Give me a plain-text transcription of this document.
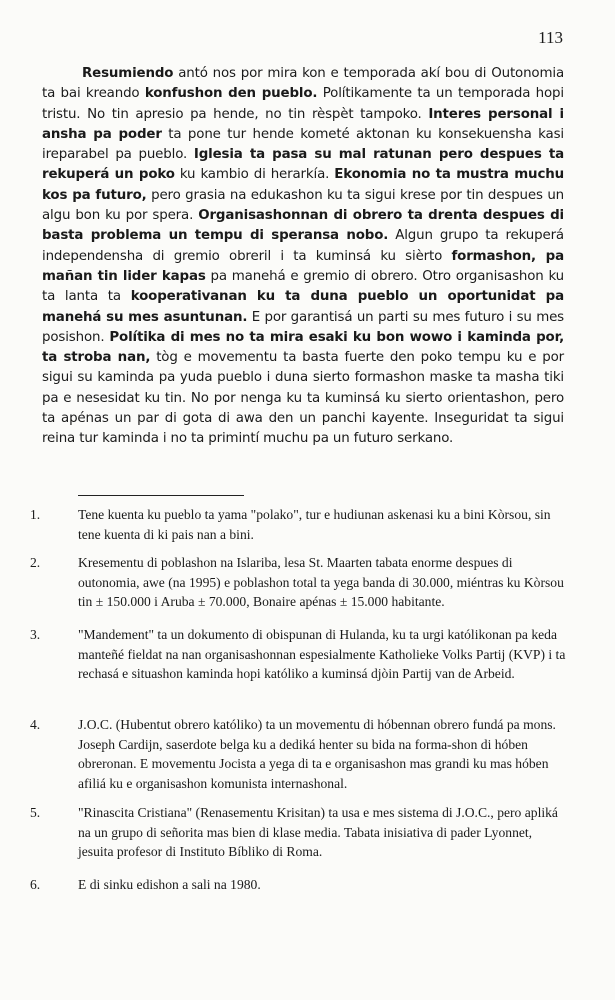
113

Resumiendo antó nos por mira kon e temporada akí bou di Outonomia ta bai kreando konfushon den pueblo. Polítikamente ta un temporada hopi tristu. No tin apresio pa hende, no tin rèspèt tampoko. Interes personal i ansha pa poder ta pone tur hende kometé aktonan ku konsekuensha kasi ireparabel pa pueblo. Iglesia ta pasa su mal ratunan pero despues ta rekuperá un poko ku kambio di herarkía. Ekonomia no ta mustra muchu kos pa futuro, pero grasia na edukashon ku ta sigui krese por tin despues un algu bon ku por spera. Organisashonnan di obrero ta drenta despues di basta problema un tempu di speransa nobo. Algun grupo ta rekuperá independensha di gremio obreril i ta kuminsá ku sièrto formashon, pa mañan tin lider kapas pa manehá e gremio di obrero. Otro organisashon ku ta lanta ta kooperativanan ku ta duna pueblo un oportunidat pa manehá su mes asuntunan. E por garantisá un parti su mes futuro i su mes posishon. Polítika di mes no ta mira esaki ku bon wowo i kaminda por, ta stroba nan, tòg e movementu ta basta fuerte den poko tempu ku e por sigui su kaminda pa yuda pueblo i duna sierto formashon maske ta masha tiki pa e nesesidat ku tin. No por nenga ku ta kuminsá ku sierto orientashon, pero ta apénas un par di gota di awa den un panchi kayente. Inseguridat ta sigui reina tur kaminda i no ta primintí muchu pa un futuro serkano.

1.	Tene kuenta ku pueblo ta yama "polako", tur e hudiunan askenasi ku a bini Kòrsou, sin tene kuenta di ki pais nan a bini.
2.	Kresementu di poblashon na Islariba, lesa St. Maarten tabata enorme despues di outonomia, awe (na 1995) e poblashon total ta yega banda di 30.000, miéntras ku Kòrsou tin ± 150.000 i Aruba ± 70.000, Bonaire apénas ± 15.000 habitante.
3.	"Mandement" ta un dokumento di obispunan di Hulanda, ku ta urgi katólikonan pa keda manteñé fieldat na nan organisashonnan espesialmente Katholieke Volks Partij (KVP) i ta rechasá e situashon kaminda hopi katóliko a kuminsá djòin Partij van de Arbeid.
4.	J.O.C. (Hubentut obrero katóliko) ta un movementu di hóbennan obrero fundá pa mons. Joseph Cardijn, saserdote belga ku a dediká henter su bida na forma-shon di hóben obreronan. E movementu Jocista a yega di ta e organisashon mas grandi ku mas hóben afiliá ku e organisashon komunista internashonal.
5.	"Rinascita Cristiana" (Renasementu Krisitan) ta usa e mes sistema di J.O.C., pero apliká na un grupo di señorita mas bien di klase media. Tabata inisiativa di pader Lyonnet, jesuita profesor di Instituto Bíbliko di Roma.
6.	E di sinku edishon a sali na 1980.
